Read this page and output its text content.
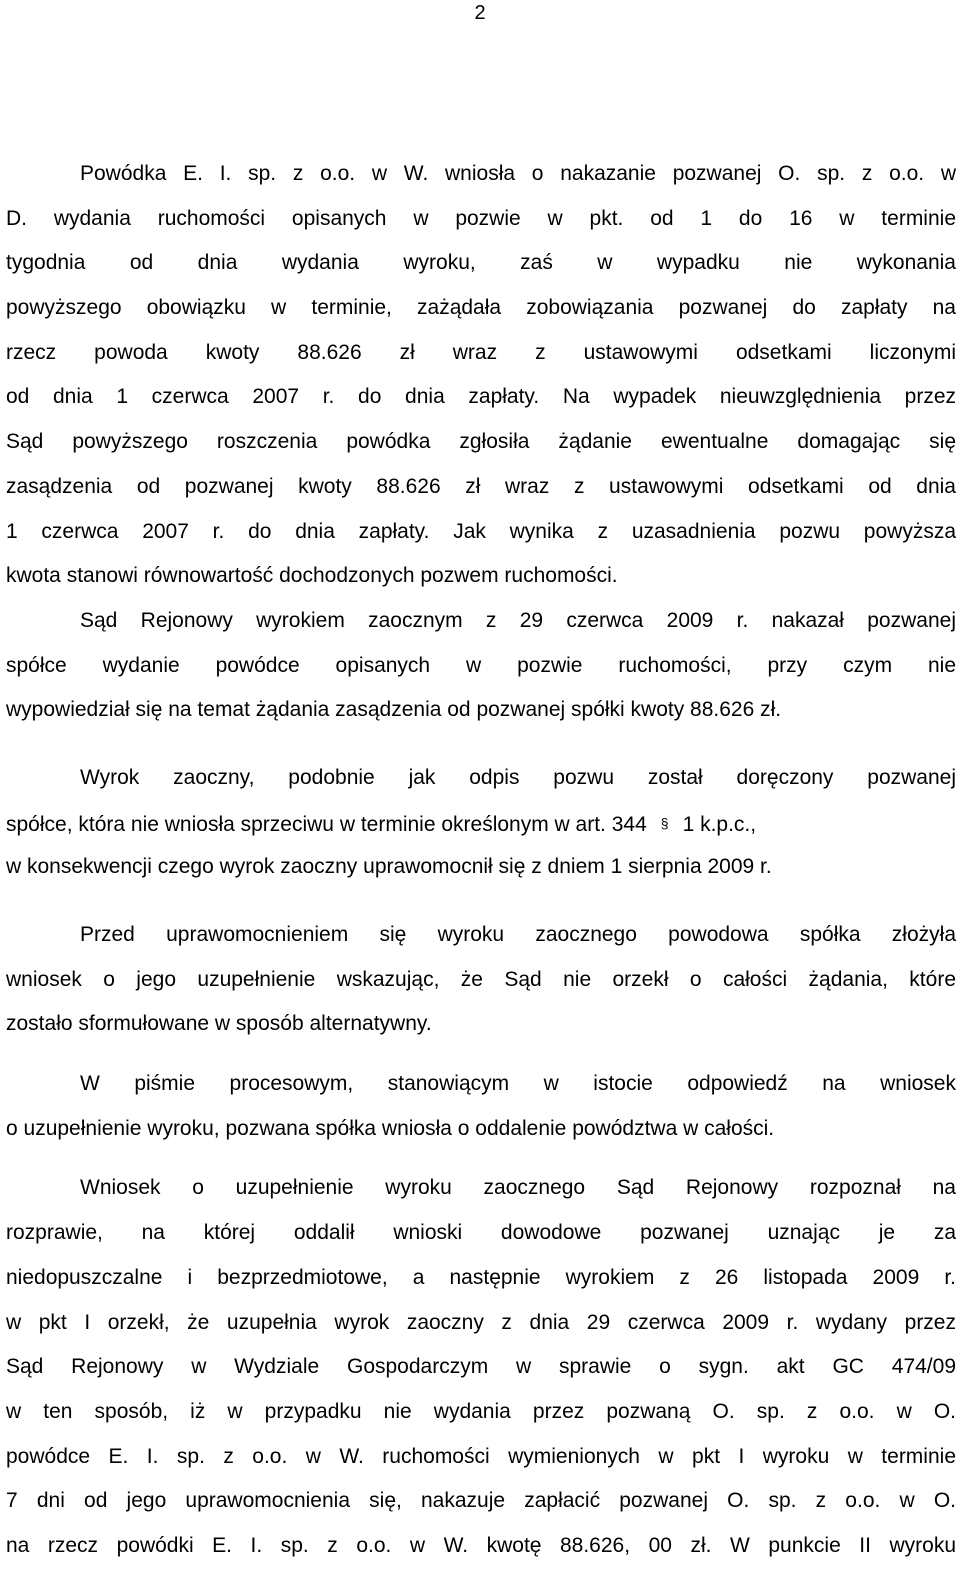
2
Powódka E. I. sp. z o.o. w W. wniosła o nakazanie pozwanej O. sp. z o.o. w
D. wydania ruchomości opisanych w pozwie w pkt. od 1 do 16 w terminie
tygodnia od dnia wydania wyroku, zaś w wypadku nie wykonania
powyższego obowiązku w terminie, zażądała zobowiązania pozwanej do zapłaty na
rzecz powoda kwoty 88.626 zł wraz z ustawowymi odsetkami liczonymi
od dnia 1 czerwca 2007 r. do dnia zapłaty. Na wypadek nieuwzględnienia przez
Sąd powyższego roszczenia powódka zgłosiła żądanie ewentualne domagając się
zasądzenia od pozwanej kwoty 88.626 zł wraz z ustawowymi odsetkami od dnia
1 czerwca 2007 r. do dnia zapłaty. Jak wynika z uzasadnienia pozwu powyższa
kwota stanowi równowartość dochodzonych pozwem ruchomości.
Sąd Rejonowy wyrokiem zaocznym z 29 czerwca 2009 r. nakazał pozwanej
spółce wydanie powódce opisanych w pozwie ruchomości, przy czym nie
wypowiedział się na temat żądania zasądzenia od pozwanej spółki kwoty 88.626 zł.
Wyrok zaoczny, podobnie jak odpis pozwu został doręczony pozwanej
spółce, która nie wniosła sprzeciwu w terminie określonym w art. 344 § 1 k.p.c.,
w konsekwencji czego wyrok zaoczny uprawomocnił się z dniem 1 sierpnia 2009 r.
Przed uprawomocnieniem się wyroku zaocznego powodowa spółka złożyła
wniosek o jego uzupełnienie wskazując, że Sąd nie orzekł o całości żądania, które
zostało sformułowane w sposób alternatywny.
W piśmie procesowym, stanowiącym w istocie odpowiedź na wniosek
o uzupełnienie wyroku, pozwana spółka wniosła o oddalenie powództwa w całości.
Wniosek o uzupełnienie wyroku zaocznego Sąd Rejonowy rozpoznał na
rozprawie, na której oddalił wnioski dowodowe pozwanej uznając je za
niedopuszczalne i bezprzedmiotowe, a następnie wyrokiem z 26 listopada 2009 r.
w pkt I orzekł, że uzupełnia wyrok zaoczny z dnia 29 czerwca 2009 r. wydany przez
Sąd Rejonowy w Wydziale Gospodarczym w sprawie o sygn. akt GC 474/09
w ten sposób, iż w przypadku nie wydania przez pozwaną O. sp. z o.o. w O.
powódce E. I. sp. z o.o. w W. ruchomości wymienionych w pkt I wyroku w terminie
7 dni od jego uprawomocnienia się, nakazuje zapłacić pozwanej O. sp. z o.o. w O.
na rzecz powódki E. I. sp. z o.o. w W. kwotę 88.626, 00 zł. W punkcie II wyroku
